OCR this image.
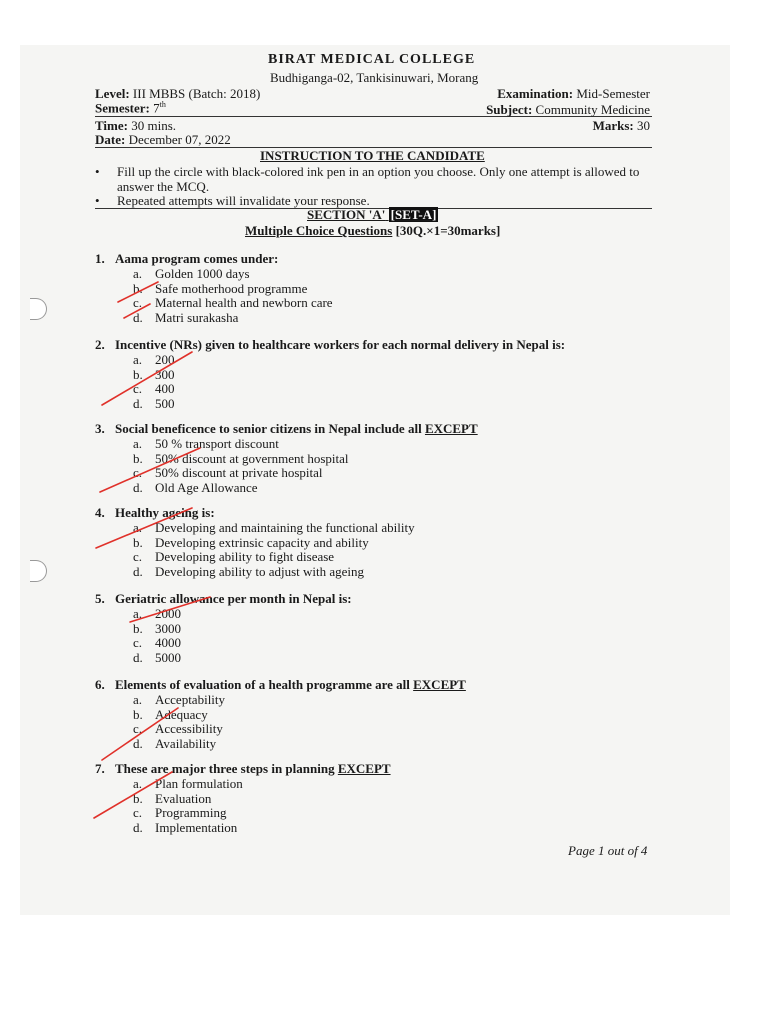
BIRAT MEDICAL COLLEGE
Budhiganga-02, Tankisinuwari, Morang
Level: III MBBS (Batch: 2018)
Semester: 7th
Time: 30 mins.
Date: December 07, 2022
Examination: Mid-Semester
Subject: Community Medicine
Marks: 30
INSTRUCTION TO THE CANDIDATE
• Fill up the circle with black-colored ink pen in an option you choose. Only one attempt is allowed to answer the MCQ.
• Repeated attempts will invalidate your response.
SECTION 'A' [SET-A]
Multiple Choice Questions [30Q.×1=30marks]
1. Aama program comes under:
a. Golden 1000 days
b. Safe motherhood programme
c. Maternal health and newborn care
d. Matri surakasha
2. Incentive (NRs) given to healthcare workers for each normal delivery in Nepal is:
a. 200
b. 300
c. 400
d. 500
3. Social beneficence to senior citizens in Nepal include all EXCEPT
a. 50 % transport discount
b. 50% discount at government hospital
c. 50% discount at private hospital
d. Old Age Allowance
4. Healthy ageing is:
a. Developing and maintaining the functional ability
b. Developing extrinsic capacity and ability
c. Developing ability to fight disease
d. Developing ability to adjust with ageing
5. Geriatric allowance per month in Nepal is:
a. 2000
b. 3000
c. 4000
d. 5000
6. Elements of evaluation of a health programme are all EXCEPT
a. Acceptability
b. Adequacy
c. Accessibility
d. Availability
7. These are major three steps in planning EXCEPT
a. Plan formulation
b. Evaluation
c. Programming
d. Implementation
Page 1 out of 4
